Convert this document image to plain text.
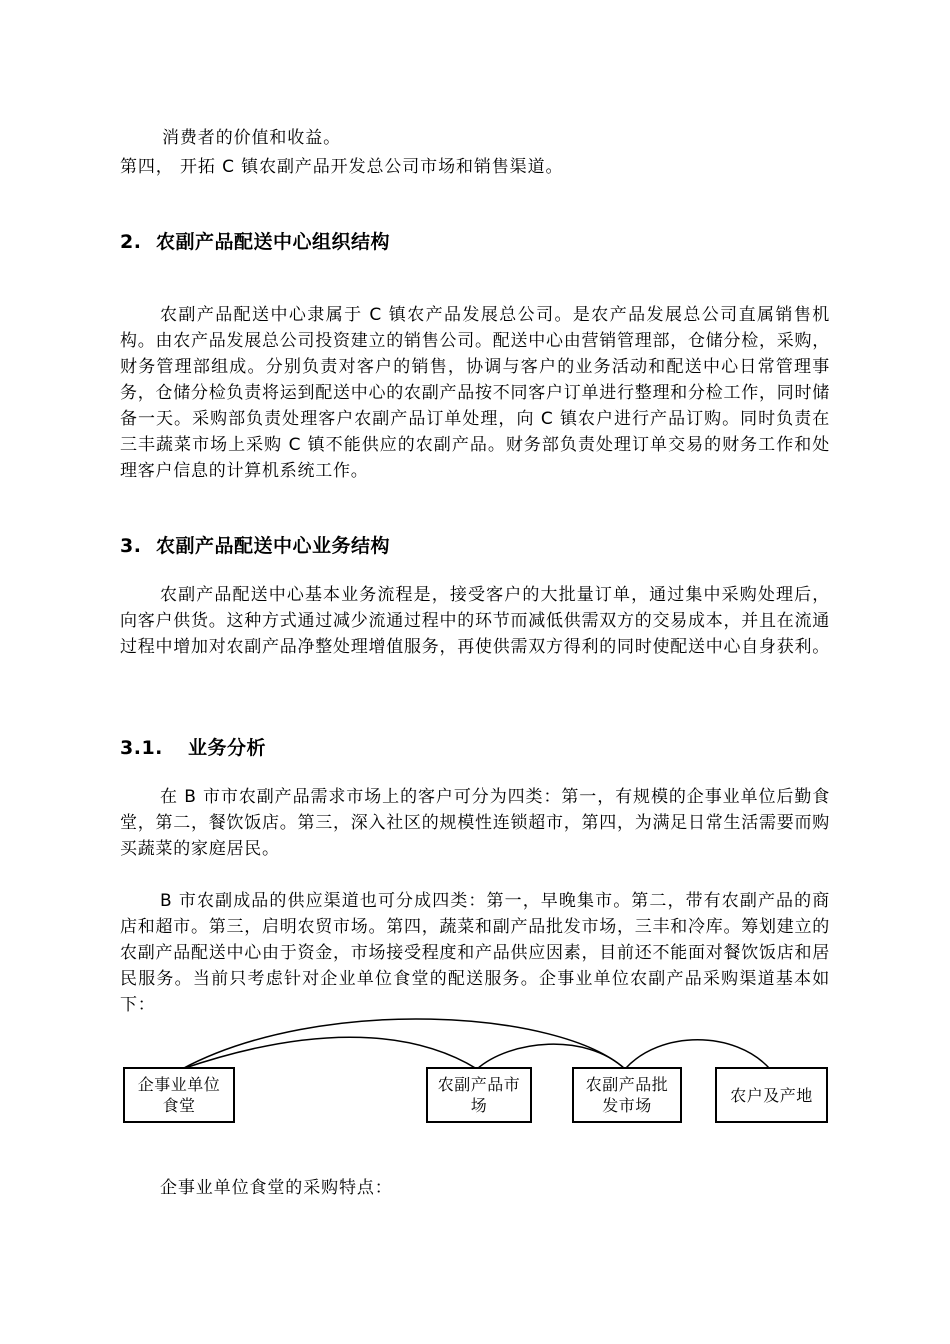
消费者的价值和收益。
第四， 开拓 C 镇农副产品开发总公司市场和销售渠道。
2. 农副产品配送中心组织结构
农副产品配送中心隶属于 C 镇农产品发展总公司。是农产品发展总公司直属销售机构。由农产品发展总公司投资建立的销售公司。配送中心由营销管理部，仓储分检，采购，财务管理部组成。分别负责对客户的销售，协调与客户的业务活动和配送中心日常管理事务，仓储分检负责将运到配送中心的农副产品按不同客户订单进行整理和分检工作，同时储备一天。采购部负责处理客户农副产品订单处理，向 C 镇农户进行产品订购。同时负责在三丰蔬菜市场上采购 C 镇不能供应的农副产品。财务部负责处理订单交易的财务工作和处理客户信息的计算机系统工作。
3. 农副产品配送中心业务结构
农副产品配送中心基本业务流程是，接受客户的大批量订单，通过集中采购处理后，向客户供货。这种方式通过减少流通过程中的环节而减低供需双方的交易成本，并且在流通过程中增加对农副产品净整处理增值服务，再使供需双方得利的同时使配送中心自身获利。
3.1. 业务分析
在 B 市市农副产品需求市场上的客户可分为四类：第一，有规模的企事业单位后勤食堂，第二，餐饮饭店。第三，深入社区的规模性连锁超市，第四，为满足日常生活需要而购买蔬菜的家庭居民。
B 市农副成品的供应渠道也可分成四类：第一，早晚集市。第二，带有农副产品的商店和超市。第三，启明农贸市场。第四，蔬菜和副产品批发市场，三丰和冷库。筹划建立的农副产品配送中心由于资金，市场接受程度和产品供应因素，目前还不能面对餐饮饭店和居民服务。当前只考虑针对企业单位食堂的配送服务。企事业单位农副产品采购渠道基本如下：
企事业单位
食堂
农副产品市
场
农副产品批
发市场
农户及产地
企事业单位食堂的采购特点：
